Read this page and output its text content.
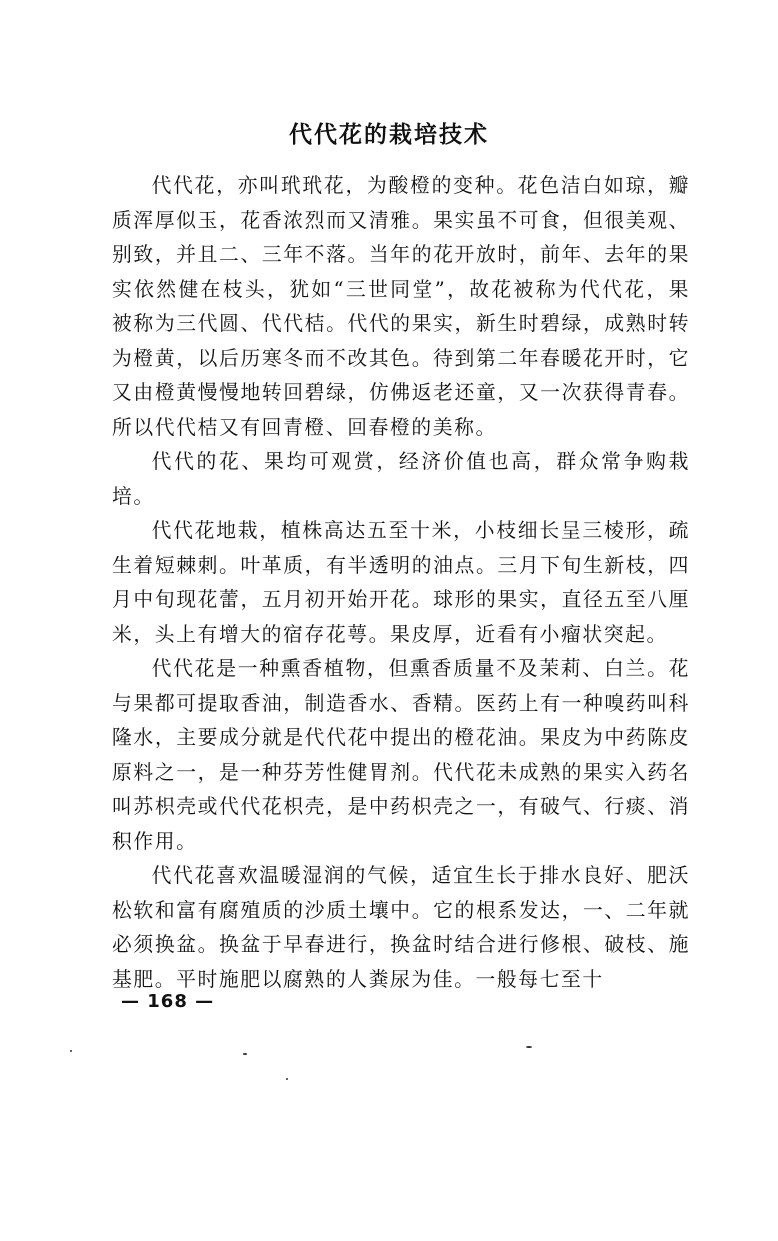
代代花的栽培技术

代代花，亦叫玳玳花，为酸橙的变种。花色洁白如琼，瓣质浑厚似玉，花香浓烈而又清雅。果实虽不可食，但很美观、别致，并且二、三年不落。当年的花开放时，前年、去年的果实依然健在枝头，犹如“三世同堂”，故花被称为代代花，果被称为三代圆、代代桔。代代的果实，新生时碧绿，成熟时转为橙黄，以后历寒冬而不改其色。待到第二年春暖花开时，它又由橙黄慢慢地转回碧绿，仿佛返老还童，又一次获得青春。所以代代桔又有回青橙、回春橙的美称。

代代的花、果均可观赏，经济价值也高，群众常争购栽培。

代代花地栽，植株高达五至十米，小枝细长呈三棱形，疏生着短棘刺。叶革质，有半透明的油点。三月下旬生新枝，四月中旬现花蕾，五月初开始开花。球形的果实，直径五至八厘米，头上有增大的宿存花萼。果皮厚，近看有小瘤状突起。

代代花是一种熏香植物，但熏香质量不及茉莉、白兰。花与果都可提取香油，制造香水、香精。医药上有一种嗅药叫科隆水，主要成分就是代代花中提出的橙花油。果皮为中药陈皮原料之一，是一种芬芳性健胃剂。代代花未成熟的果实入药名叫苏枳壳或代代花枳壳，是中药枳壳之一，有破气、行痰、消积作用。

代代花喜欢温暖湿润的气候，适宜生长于排水良好、肥沃松软和富有腐殖质的沙质土壤中。它的根系发达，一、二年就必须换盆。换盆于早春进行，换盆时结合进行修根、破枝、施基肥。平时施肥以腐熟的人粪尿为佳。一般每七至十

— 168 —
